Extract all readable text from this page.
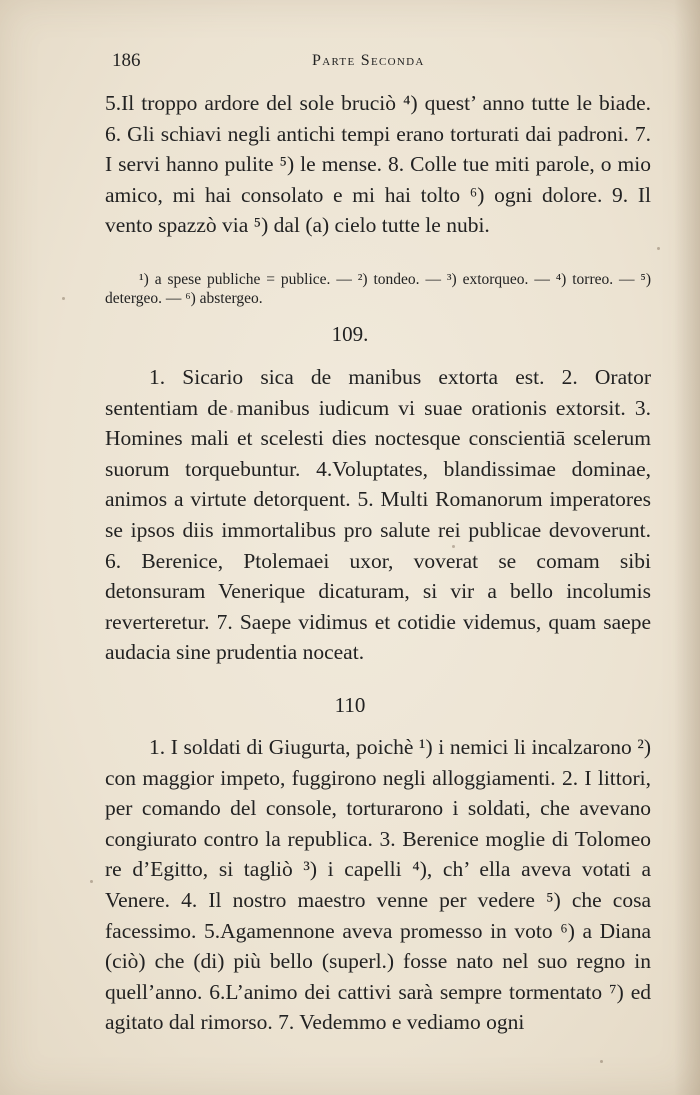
186	Parte Seconda

5.Il troppo ardore del sole bruciò ⁴) quest’ anno tutte le biade. 6. Gli schiavi negli antichi tempi erano torturati dai padroni. 7. I servi hanno pulite ⁵) le mense. 8. Colle tue miti parole, o mio amico, mi hai consolato e mi hai tolto ⁶) ogni dolore. 9. Il vento spazzò via ⁵) dal (a) cielo tutte le nubi.

¹) a spese publiche = publice. — ²) tondeo. — ³) extorqueo. — ⁴) torreo. — ⁵) detergeo. — ⁶) abstergeo.

109.

1. Sicario sica de manibus extorta est. 2. Orator sententiam de manibus iudicum vi suae orationis extorsit. 3. Homines mali et scelesti dies noctesque conscientiā scelerum suorum torquebuntur. 4.Voluptates, blandissimae dominae, animos a virtute detorquent. 5. Multi Romanorum imperatores se ipsos diis immortalibus pro salute rei publicae devoverunt. 6. Berenice, Ptolemaei uxor, voverat se comam sibi detonsuram Venerique dicaturam, si vir a bello incolumis reverteretur. 7. Saepe vidimus et cotidie videmus, quam saepe audacia sine prudentia noceat.

110

1. I soldati di Giugurta, poichè ¹) i nemici li incalzarono ²) con maggior impeto, fuggirono negli alloggiamenti. 2. I littori, per comando del console, torturarono i soldati, che avevano congiurato contro la republica. 3. Berenice moglie di Tolomeo re d’Egitto, si tagliò ³) i capelli ⁴), ch’ ella aveva votati a Venere. 4. Il nostro maestro venne per vedere ⁵) che cosa facessimo. 5.Agamennone aveva promesso in voto ⁶) a Diana (ciò) che (di) più bello (superl.) fosse nato nel suo regno in quell’anno. 6.L’animo dei cattivi sarà sempre tormentato ⁷) ed agitato dal rimorso. 7. Vedemmo e vediamo ogni
